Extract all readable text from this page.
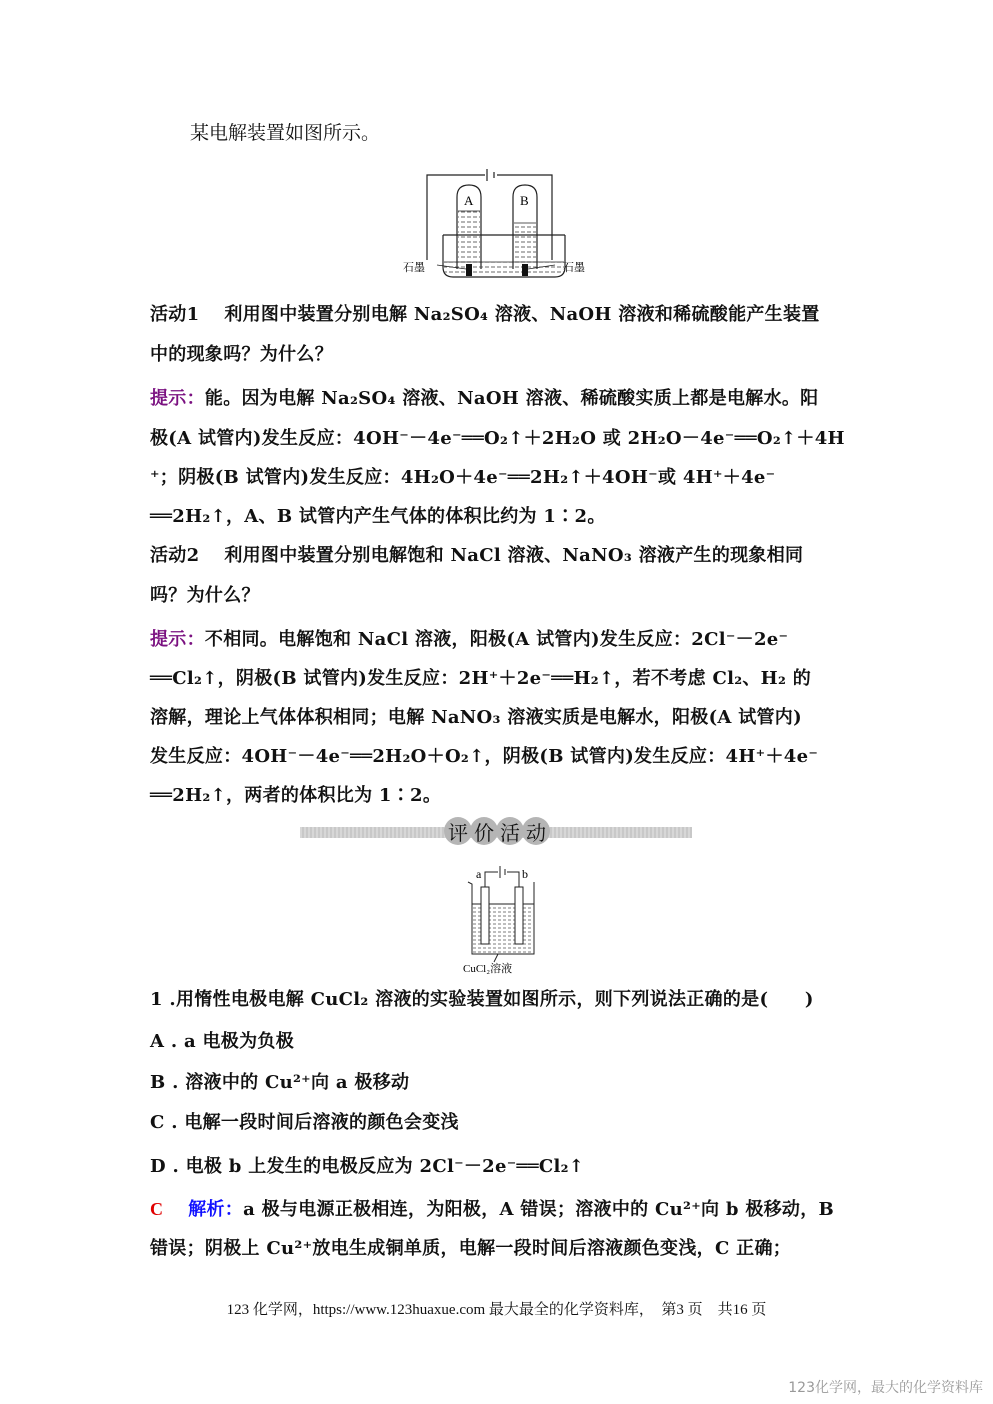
某电解装置如图所示。
A	B
石墨	石墨
活动1　 利用图中装置分别电解 Na₂SO₄ 溶液、NaOH 溶液和稀硫酸能产生装置
中的现象吗？为什么？
提示：能。因为电解 Na₂SO₄ 溶液、NaOH 溶液、稀硫酸实质上都是电解水。阳
极(A 试管内)发生反应：4OH⁻－4e⁻══O₂↑＋2H₂O 或 2H₂O－4e⁻══O₂↑＋4H
⁺；阴极(B 试管内)发生反应：4H₂O＋4e⁻══2H₂↑＋4OH⁻或 4H⁺＋4e⁻
══2H₂↑，A、B 试管内产生气体的体积比约为 1∶2。
活动2　 利用图中装置分别电解饱和 NaCl 溶液、NaNO₃ 溶液产生的现象相同
吗？为什么？
提示：不相同。电解饱和 NaCl 溶液，阳极(A 试管内)发生反应：2Cl⁻－2e⁻
══Cl₂↑，阴极(B 试管内)发生反应：2H⁺＋2e⁻══H₂↑，若不考虑 Cl₂、H₂ 的
溶解，理论上气体体积相同；电解 NaNO₃ 溶液实质是电解水，阳极(A 试管内)
发生反应：4OH⁻－4e⁻══2H₂O＋O₂↑，阴极(B 试管内)发生反应：4H⁺＋4e⁻
══2H₂↑，两者的体积比为 1∶2。
评 价 活 动
a	b
CuCl₂溶液
1 .用惰性电极电解 CuCl₂ 溶液的实验装置如图所示，则下列说法正确的是(　　)
A . a 电极为负极
B . 溶液中的 Cu²⁺向 a 极移动
C . 电解一段时间后溶液的颜色会变浅
D . 电极 b 上发生的电极反应为 2Cl⁻－2e⁻══Cl₂↑
C　 解析：a 极与电源正极相连，为阳极，A 错误；溶液中的 Cu²⁺向 b 极移动，B
错误；阴极上 Cu²⁺放电生成铜单质，电解一段时间后溶液颜色变浅，C 正确；
123 化学网，https://www.123huaxue.com 最大最全的化学资料库，　第3 页　共16 页
123化学网，最大的化学资料库
